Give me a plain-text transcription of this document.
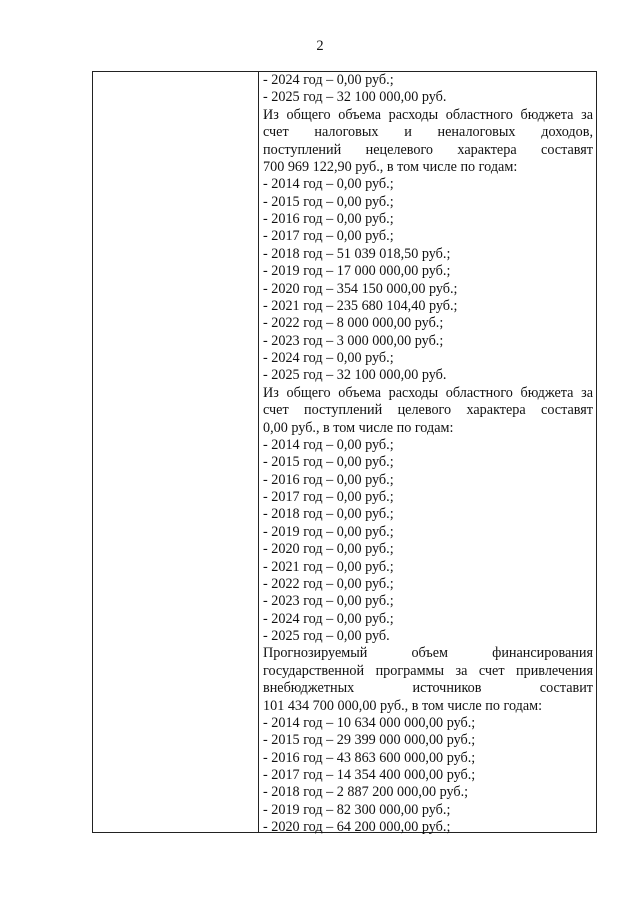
2
- 2024 год – 0,00 руб.;
- 2025 год – 32 100 000,00 руб.
Из общего объема расходы областного бюджета за
счет налоговых и неналоговых доходов,
поступлений нецелевого характера составят
700 969 122,90 руб., в том числе по годам:
- 2014 год – 0,00 руб.;
- 2015 год – 0,00 руб.;
- 2016 год – 0,00 руб.;
- 2017 год – 0,00 руб.;
- 2018 год – 51 039 018,50 руб.;
- 2019 год – 17 000 000,00 руб.;
- 2020 год – 354 150 000,00 руб.;
- 2021 год – 235 680 104,40 руб.;
- 2022 год – 8 000 000,00 руб.;
- 2023 год – 3 000 000,00 руб.;
- 2024 год – 0,00 руб.;
- 2025 год – 32 100 000,00 руб.
Из общего объема расходы областного бюджета за
счет поступлений целевого характера составят
0,00 руб., в том числе по годам:
- 2014 год – 0,00 руб.;
- 2015 год – 0,00 руб.;
- 2016 год – 0,00 руб.;
- 2017 год – 0,00 руб.;
- 2018 год – 0,00 руб.;
- 2019 год – 0,00 руб.;
- 2020 год – 0,00 руб.;
- 2021 год – 0,00 руб.;
- 2022 год – 0,00 руб.;
- 2023 год – 0,00 руб.;
- 2024 год – 0,00 руб.;
- 2025 год – 0,00 руб.
Прогнозируемый объем финансирования
государственной программы за счет привлечения
внебюджетных источников составит
101 434 700 000,00 руб., в том числе по годам:
- 2014 год – 10 634 000 000,00 руб.;
- 2015 год – 29 399 000 000,00 руб.;
- 2016 год – 43 863 600 000,00 руб.;
- 2017 год – 14 354 400 000,00 руб.;
- 2018 год – 2 887 200 000,00 руб.;
- 2019 год – 82 300 000,00 руб.;
- 2020 год – 64 200 000,00 руб.;
